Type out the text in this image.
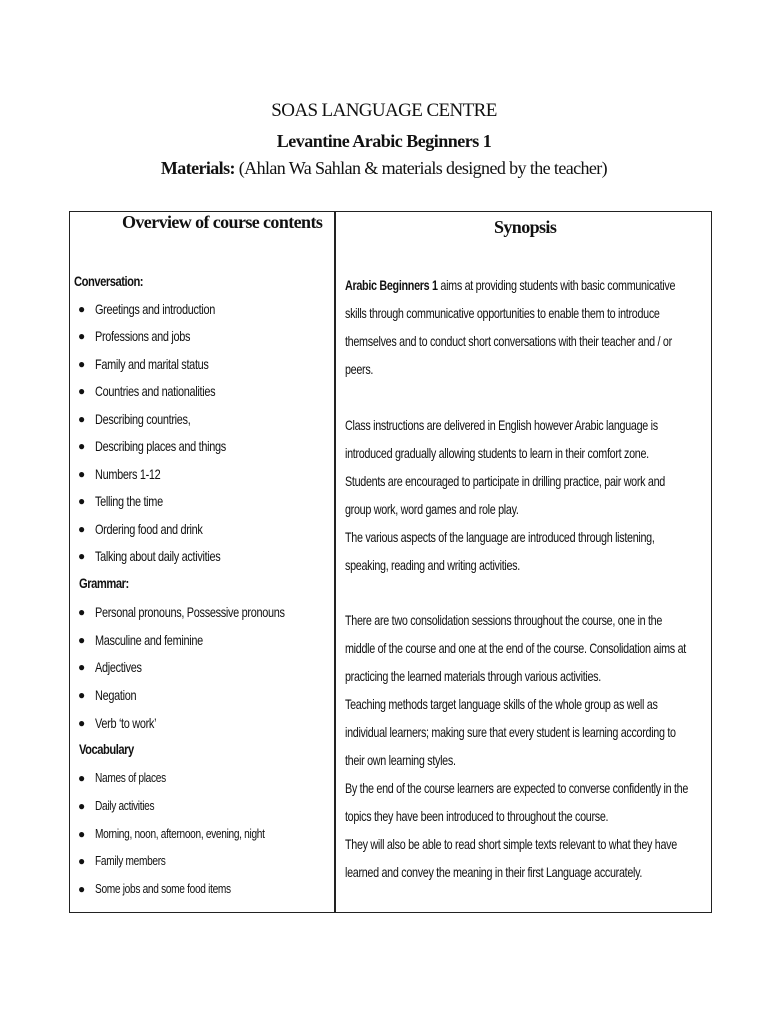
SOAS LANGUAGE CENTRE
Levantine Arabic Beginners 1
Materials: (Ahlan Wa Sahlan & materials designed by the teacher)
Overview of course contents	Synopsis
Conversation:
● Greetings and introduction
● Professions and jobs
● Family and marital status
● Countries and nationalities
● Describing countries,
● Describing places and things
● Numbers 1-12
● Telling the time
● Ordering food and drink
● Talking about daily activities
Grammar:
● Personal pronouns, Possessive pronouns
● Masculine and feminine
● Adjectives
● Negation
● Verb ‘to work’
Vocabulary
● Names of places
● Daily activities
● Morning, noon, afternoon, evening, night
● Family members
● Some jobs and some food items
Arabic Beginners 1 aims at providing students with basic communicative
skills through communicative opportunities to enable them to introduce
themselves and to conduct short conversations with their teacher and / or
peers.
Class instructions are delivered in English however Arabic language is
introduced gradually allowing students to learn in their comfort zone.
Students are encouraged to participate in drilling practice, pair work and
group work, word games and role play.
The various aspects of the language are introduced through listening,
speaking, reading and writing activities.
There are two consolidation sessions throughout the course, one in the
middle of the course and one at the end of the course. Consolidation aims at
practicing the learned materials through various activities.
Teaching methods target language skills of the whole group as well as
individual learners; making sure that every student is learning according to
their own learning styles.
By the end of the course learners are expected to converse confidently in the
topics they have been introduced to throughout the course.
They will also be able to read short simple texts relevant to what they have
learned and convey the meaning in their first Language accurately.
